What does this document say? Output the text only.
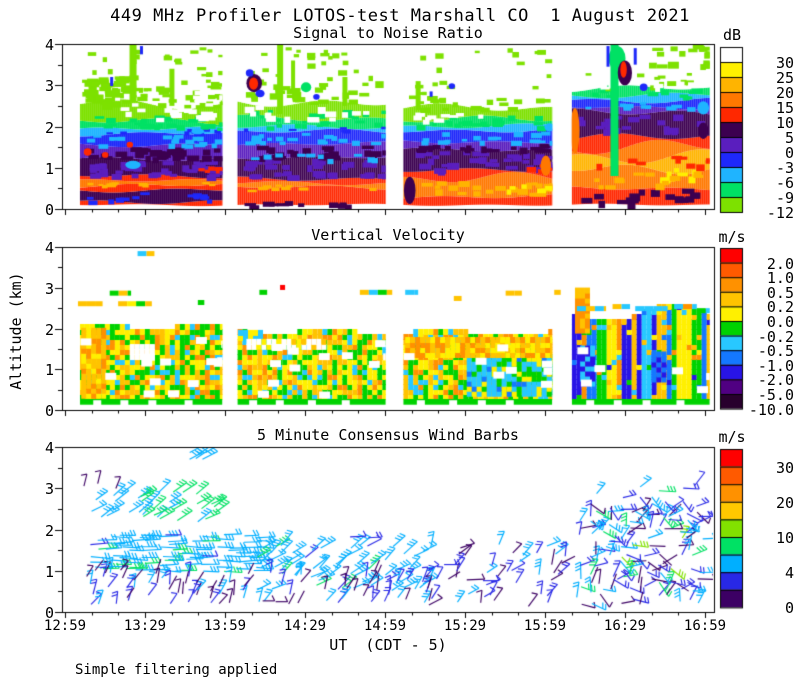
449 MHz Profiler LOTOS-test Marshall CO  1 August 2021
Signal to Noise Ratio
Vertical Velocity
5 Minute Consensus Wind Barbs
dB
m/s
m/s
Altitude (km)
UT  (CDT - 5)
Simple filtering applied
12:59	13:29	13:59	14:29	14:59	15:29	15:59	16:29	16:59
0
1
2
3
4
0
1
2
3
4
0
1
2
3
4
30
25
20
15
10
5
0
-3
-6
-9
-12
2.0
1.0
0.5
0.2
0.0
-0.2
-0.5
-1.0
-2.0
-5.0
-10.0
30
20
10
4
0
